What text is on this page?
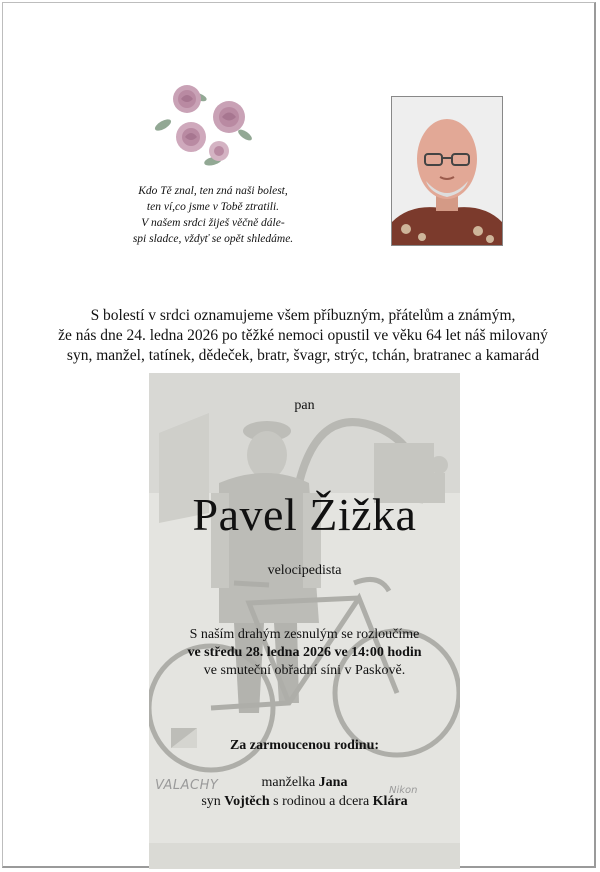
Kdo Tě znal, ten zná naši bolest,
ten ví,co jsme v Tobě ztratili.
V našem srdci žiješ věčně dále-
spi sladce, vždyť se opět shledáme.
S bolestí v srdci oznamujeme všem příbuzným, přátelům a známým,
že nás dne 24. ledna 2026 po těžké nemoci opustil ve věku 64 let náš milovaný
syn, manžel, tatínek, dědeček, bratr, švagr, strýc, tchán, bratranec a kamarád
pan
Pavel Žižka
velocipedista
S naším drahým zesnulým se rozloučíme
ve středu 28. ledna 2026 ve 14:00 hodin
ve smuteční obřadní síni v Paskově.
Za zarmoucenou rodinu:
manželka Jana
syn Vojtěch s rodinou a dcera Klára
VALACHY	Nikon
